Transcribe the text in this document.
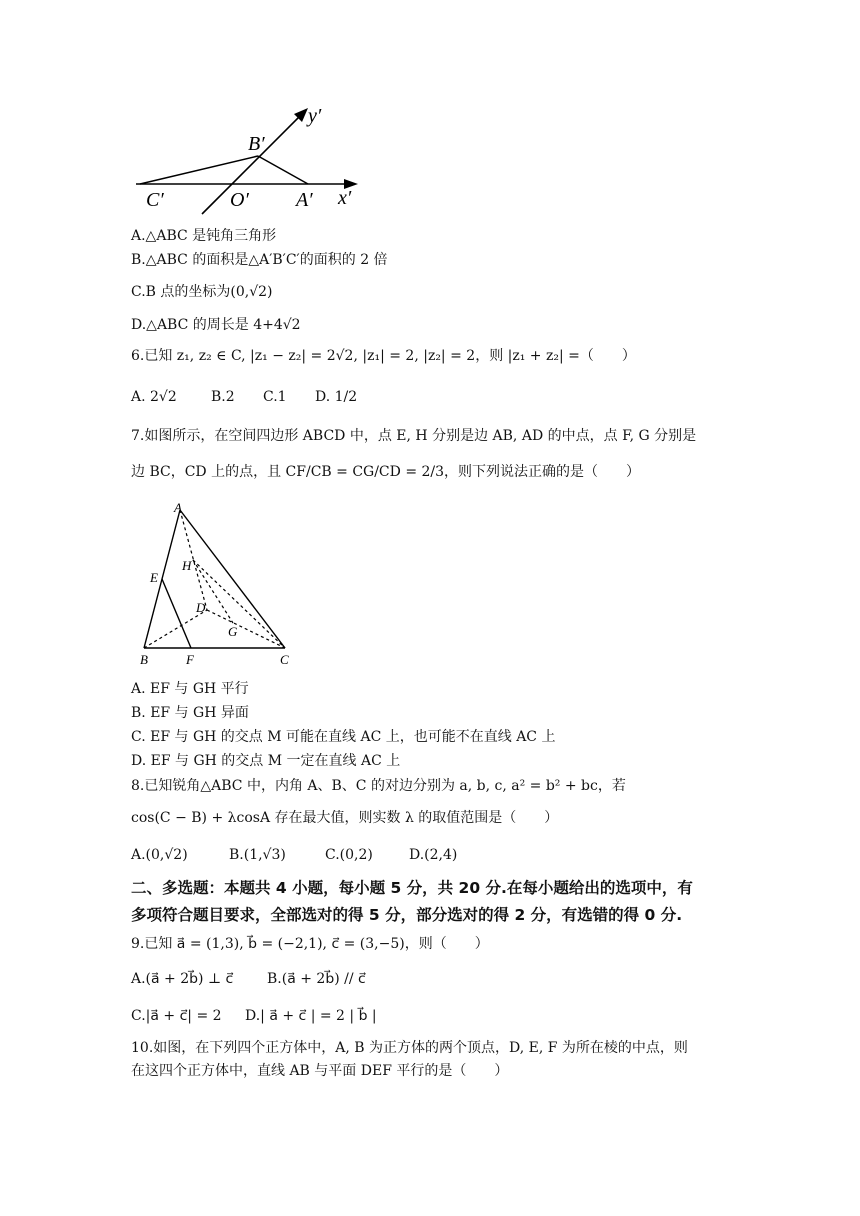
B′
y′
C′	O′ A′ x′
A.△ABC 是钝角三角形
B.△ABC 的面积是△A′B′C′的面积的 2 倍
C.B 点的坐标为(0,√2)
D.△ABC 的周长是 4+4√2
6.已知 z₁, z₂ ∈ C, |z₁ − z₂| = 2√2, |z₁| = 2, |z₂| = 2，则 |z₁ + z₂| =（　　）
A. 2√2 B.2 C.1 D. 1/2
7.如图所示，在空间四边形 ABCD 中，点 E, H 分别是边 AB, AD 的中点，点 F, G 分别是
边 BC，CD 上的点，且 CF/CB = CG/CD = 2/3，则下列说法正确的是（　　）
A
E
H
D
G
B	F	C
A. EF 与 GH 平行
B. EF 与 GH 异面
C. EF 与 GH 的交点 M 可能在直线 AC 上，也可能不在直线 AC 上
D. EF 与 GH 的交点 M 一定在直线 AC 上
8.已知锐角△ABC 中，内角 A、B、C 的对边分别为 a, b, c, a² = b² + bc，若
cos(C − B) + λcosA 存在最大值，则实数 λ 的取值范围是（　　）
A.(0,√2)	B.(1,√3)	C.(0,2)	D.(2,4)
二、多选题：本题共 4 小题，每小题 5 分，共 20 分.在每小题给出的选项中，有
多项符合题目要求，全部选对的得 5 分，部分选对的得 2 分，有选错的得 0 分.
9.已知 a⃗ = (1,3), b⃗ = (−2,1), c⃗ = (3,−5)，则（　　）
A.(a⃗ + 2b⃗) ⊥ c⃗ B.(a⃗ + 2b⃗) // c⃗
C.|a⃗ + c⃗| = 2 D.| a⃗ + c⃗ | = 2 | b⃗ |
10.如图，在下列四个正方体中，A, B 为正方体的两个顶点，D, E, F 为所在棱的中点，则
在这四个正方体中，直线 AB 与平面 DEF 平行的是（　　）
